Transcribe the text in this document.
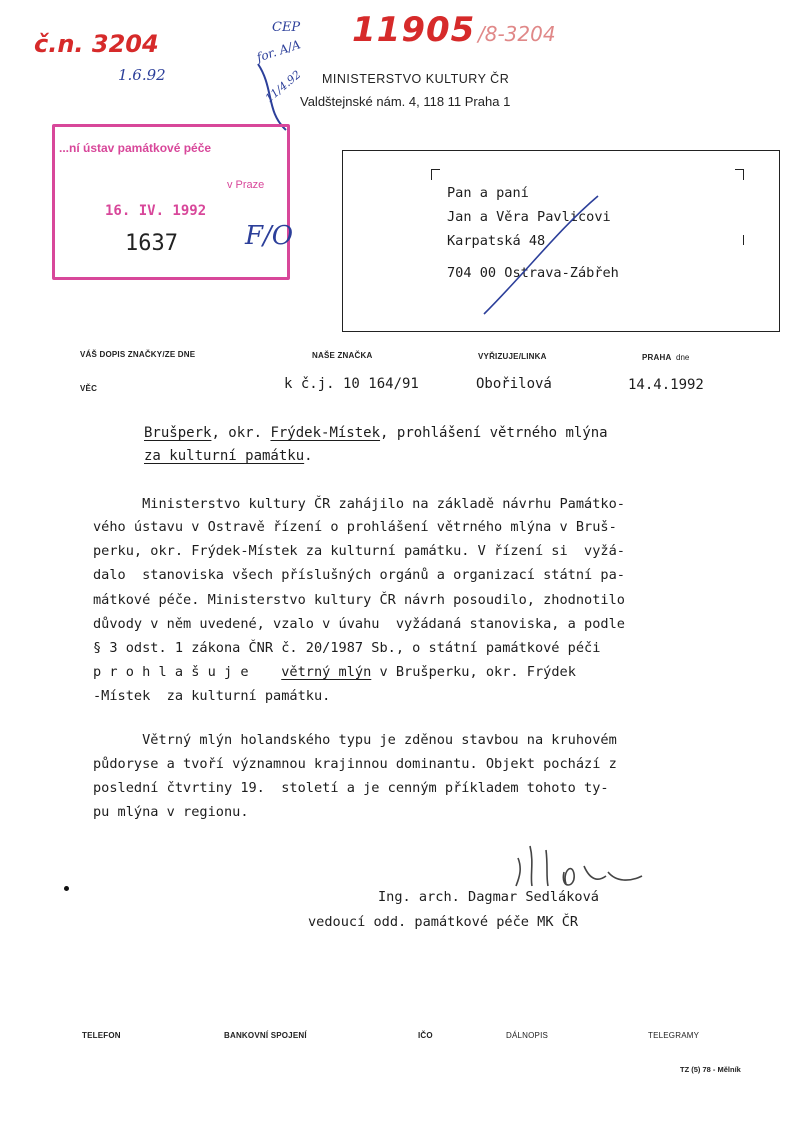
č.n. 3204
1.6.92
11905 /8-3204
CEP
for. A/A
11/4.92 MINISTERSTVO KULTURY ČR
Valdštejnské nám. 4, 118 11 Praha 1
...ní ústav památkové péče
v Praze
16. IV. 1992
1637	F/O
Pan a paní
Jan a Věra Pavlicovi
Karpatská 48
704 00 Ostrava-Zábřeh
VÁŠ DOPIS ZNAČKY/ZE DNE	NAŠE ZNAČKA	VYŘIZUJE/LINKA	PRAHA dne
VĚC	k č.j. 10 164/91	Obořilová	14.4.1992
Brušperk, okr. Frýdek-Místek, prohlášení větrného mlýna
za kulturní památku.
Ministerstvo kultury ČR zahájilo na základě návrhu Památko-
vého ústavu v Ostravě řízení o prohlášení větrného mlýna v Bruš-
perku, okr. Frýdek-Místek za kulturní památku. V řízení si  vyžá-
dalo  stanoviska všech příslušných orgánů a organizací státní pa-
mátkové péče. Ministerstvo kultury ČR návrh posoudilo, zhodnotilo
důvody v něm uvedené, vzalo v úvahu  vyžádaná stanoviska, a podle
§ 3 odst. 1 zákona ČNR č. 20/1987 Sb., o státní památkové péči
p r o h l a š u j e    větrný mlýn v Brušperku, okr. Frýdek
-Místek  za kulturní památku.
Větrný mlýn holandského typu je zděnou stavbou na kruhovém
půdoryse a tvoří významnou krajinnou dominantu. Objekt pochází z
poslední čtvrtiny 19.  století a je cenným příkladem tohoto ty-
pu mlýna v regionu.
Ing. arch. Dagmar Sedláková
vedoucí odd. památkové péče MK ČR
TELEFON	BANKOVNÍ SPOJENÍ	IČO	DÁLNOPIS	TELEGRAMY
TZ (5) 78 - Mělník
